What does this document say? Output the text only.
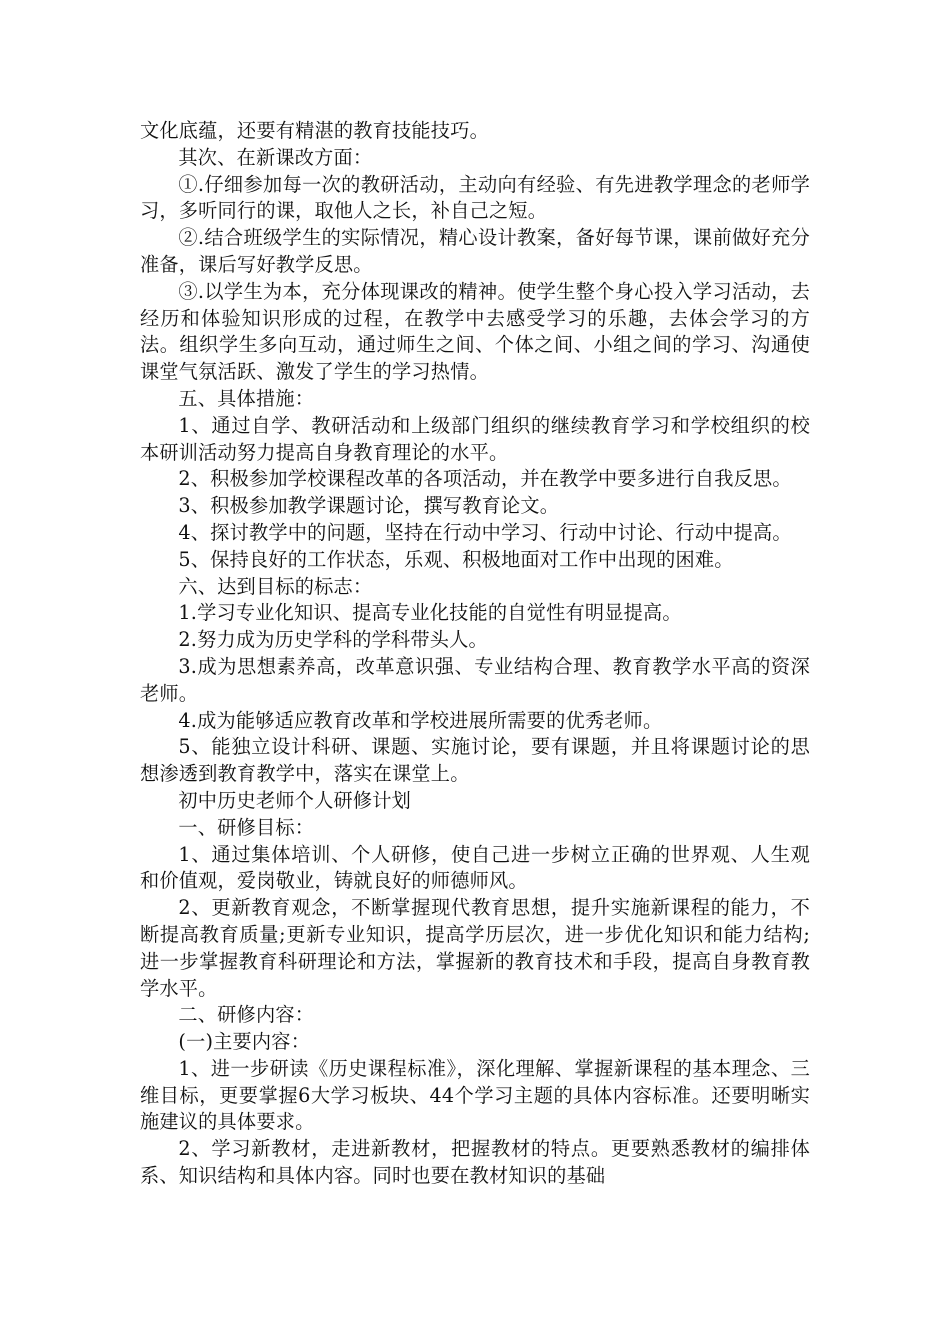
文化底蕴，还要有精湛的教育技能技巧。

其次、在新课改方面：

①.仔细参加每一次的教研活动，主动向有经验、有先进教学理念的老师学习，多听同行的课，取他人之长，补自己之短。

②.结合班级学生的实际情况，精心设计教案，备好每节课，课前做好充分准备，课后写好教学反思。

③.以学生为本，充分体现课改的精神。使学生整个身心投入学习活动，去经历和体验知识形成的过程，在教学中去感受学习的乐趣，去体会学习的方法。组织学生多向互动，通过师生之间、个体之间、小组之间的学习、沟通使课堂气氛活跃、激发了学生的学习热情。

五、具体措施：

1、通过自学、教研活动和上级部门组织的继续教育学习和学校组织的校本研训活动努力提高自身教育理论的水平。

2、积极参加学校课程改革的各项活动，并在教学中要多进行自我反思。

3、积极参加教学课题讨论，撰写教育论文。

4、探讨教学中的问题，坚持在行动中学习、行动中讨论、行动中提高。

5、保持良好的工作状态，乐观、积极地面对工作中出现的困难。

六、达到目标的标志：

1.学习专业化知识、提高专业化技能的自觉性有明显提高。

2.努力成为历史学科的学科带头人。

3.成为思想素养高，改革意识强、专业结构合理、教育教学水平高的资深老师。

4.成为能够适应教育改革和学校进展所需要的优秀老师。

5、能独立设计科研、课题、实施讨论，要有课题，并且将课题讨论的思想渗透到教育教学中，落实在课堂上。

初中历史老师个人研修计划

一、研修目标：

1、通过集体培训、个人研修，使自己进一步树立正确的世界观、人生观和价值观，爱岗敬业，铸就良好的师德师风。

2、更新教育观念，不断掌握现代教育思想，提升实施新课程的能力，不断提高教育质量;更新专业知识，提高学历层次，进一步优化知识和能力结构;进一步掌握教育科研理论和方法，掌握新的教育技术和手段，提高自身教育教学水平。

二、研修内容：

(一)主要内容：

1、进一步研读《历史课程标准》，深化理解、掌握新课程的基本理念、三维目标，更要掌握6大学习板块、44个学习主题的具体内容标准。还要明晰实施建议的具体要求。

2、学习新教材，走进新教材，把握教材的特点。更要熟悉教材的编排体系、知识结构和具体内容。同时也要在教材知识的基础
